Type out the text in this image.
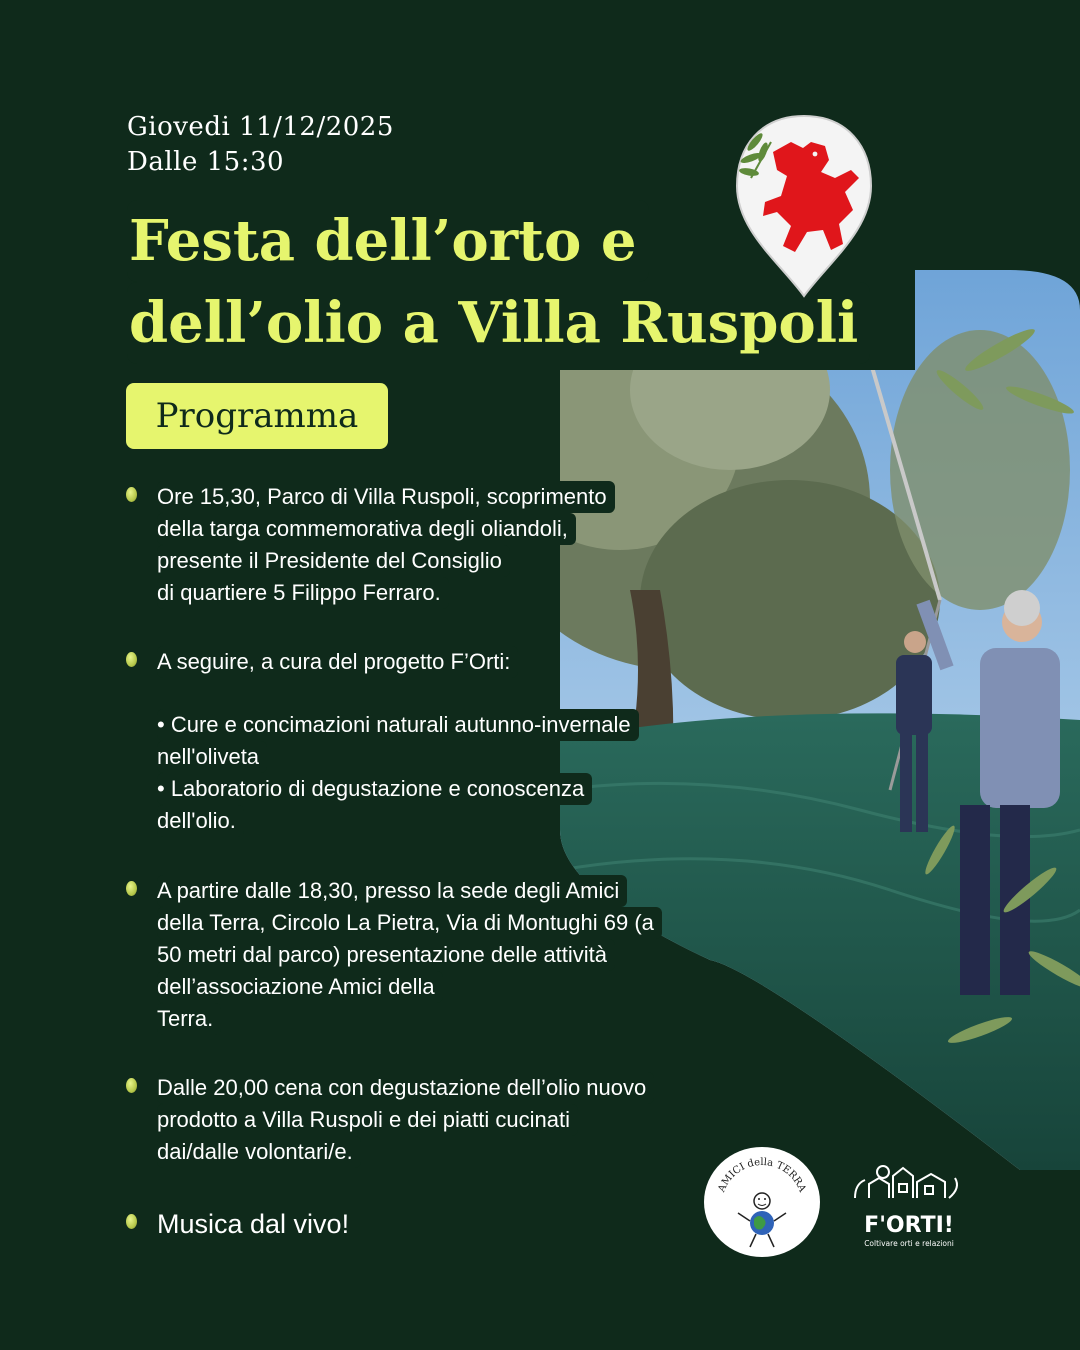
Giovedi 11/12/2025
Dalle 15:30
Festa dell’orto e
dell’olio a Villa Ruspoli
Programma
Ore 15,30, Parco di Villa Ruspoli, scoprimento
della targa commemorativa degli oliandoli,
presente il Presidente del Consiglio
di quartiere 5 Filippo Ferraro.
A seguire, a cura del progetto F’Orti:
• Cure e concimazioni naturali autunno-invernale
nell'oliveta
• Laboratorio di degustazione e conoscenza
dell'olio.
A partire dalle 18,30, presso la sede degli Amici
della Terra, Circolo La Pietra, Via di Montughi 69 (a
50 metri dal parco) presentazione delle attività
dell’associazione Amici della
Terra.
Dalle 20,00 cena con degustazione dell’olio nuovo
prodotto a Villa Ruspoli e dei piatti cucinati
dai/dalle volontari/e.
Musica dal vivo!
AMICI della TERRA
F'ORTI!
Coltivare orti e relazioni
